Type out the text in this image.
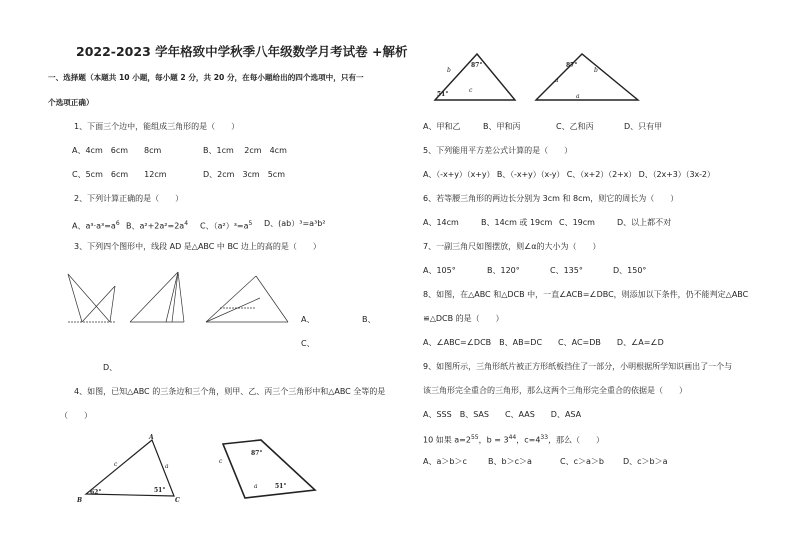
2022-2023 学年格致中学秋季八年级数学月考试卷 +解析
一、选择题（本题共 10 小题，每小题 2 分，共 20 分，在每小题给出的四个选项中，只有一
个选项正确）
1、下面三个边中，能组成三角形的是（　　）
A、4cm　6cm　　8cm	B、1cm　 2cm　4cm
C、5cm　6cm　　12cm	D、2cm　3cm　5cm
2、下列计算正确的是（　　）
A、$a^3\cdot a^3=a^6$ B、$a^2+2a^2=2a^4$ C、$(a^2)^3=a^5$ D、(ab）³=a³b²
3、下列四个图形中，线段 AD 是△ABC 中 BC 边上的高的是（　　）
A、	B、
C、
D、
4、如图，已知△ABC 的三条边和三个角，则甲、乙、丙三个三角形中和△ABC 全等的是
（　　）
A
B	C
a
c
62°	51°
c
87°
a	51°
b
87°
51°
c
87°
b
a
a
A、甲和乙	B、甲和丙	C、乙和丙	D、只有甲
5、下列能用平方差公式计算的是（　　）
A、（-x+y）（x+y） B、（-x+y）（x-y） C、（x+2）（2+x） D、（2x+3）（3x-2）
6、若等腰三角形的两边长分别为 3cm 和 8cm，则它的周长为（　　）
A、14cm	B、14cm 或 19cm C、19cm	D、以上都不对
7、一副三角尺如图摆放，则∠α的大小为（　　）
A、105°	B、120°	C、135°	D、150°
8、如图，在△ABC 和△DCB 中，一直∠ACB=∠DBC，则添加以下条件，仍不能判定△ABC
≌△DCB 的是（　　）
A、∠ABC=∠DCB　B、AB=DC　　C、AC=DB　　D、∠A=∠D
9、如图所示，三角形纸片被正方形纸板挡住了一部分，小明根据所学知识画出了一个与
该三角形完全重合的三角形，那么这两个三角形完全重合的依据是（　　）
A、SSS　B、SAS　　C、AAS　　D、ASA
10 如果 $a=2^{55}$，$b = 3^{44}$，$c=4^{33}$，那么（　　）
A、a＞b＞c	B、b＞c＞a	C、c＞a＞b D、c＞b＞a
